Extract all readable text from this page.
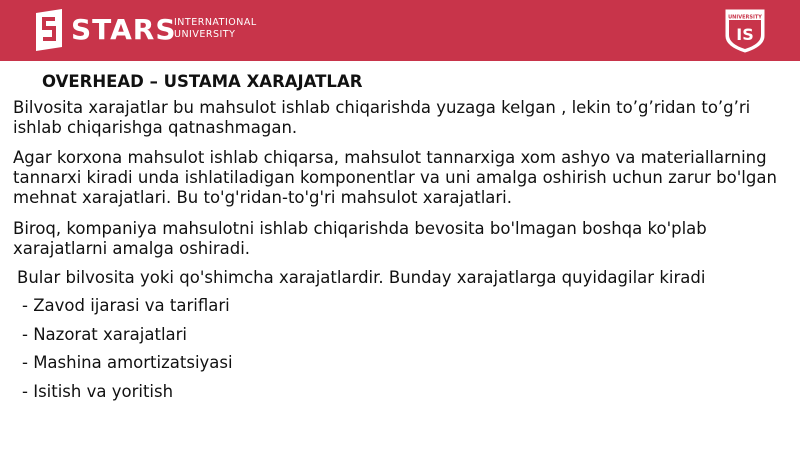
STARS
INTERNATIONAL
UNIVERSITY
UNIVERSITY
IS
OVERHEAD – USTAMA XARAJATLAR

Bilvosita xarajatlar bu mahsulot ishlab chiqarishda yuzaga kelgan , lekin to’g’ridan to’g’ri ishlab chiqarishga qatnashmagan.

Agar korxona mahsulot ishlab chiqarsa, mahsulot tannarxiga xom ashyo va materiallarning tannarxi kiradi unda ishlatiladigan komponentlar va uni amalga oshirish uchun zarur bo'lgan mehnat xarajatlari. Bu to'g'ridan-to'g'ri mahsulot xarajatlari.

Biroq, kompaniya mahsulotni ishlab chiqarishda bevosita bo'lmagan boshqa ko'plab xarajatlarni amalga oshiradi.

Bular bilvosita yoki qo'shimcha xarajatlardir. Bunday xarajatlarga quyidagilar kiradi

- Zavod ijarasi va tariflari

- Nazorat xarajatlari

- Mashina amortizatsiyasi

- Isitish va yoritish
